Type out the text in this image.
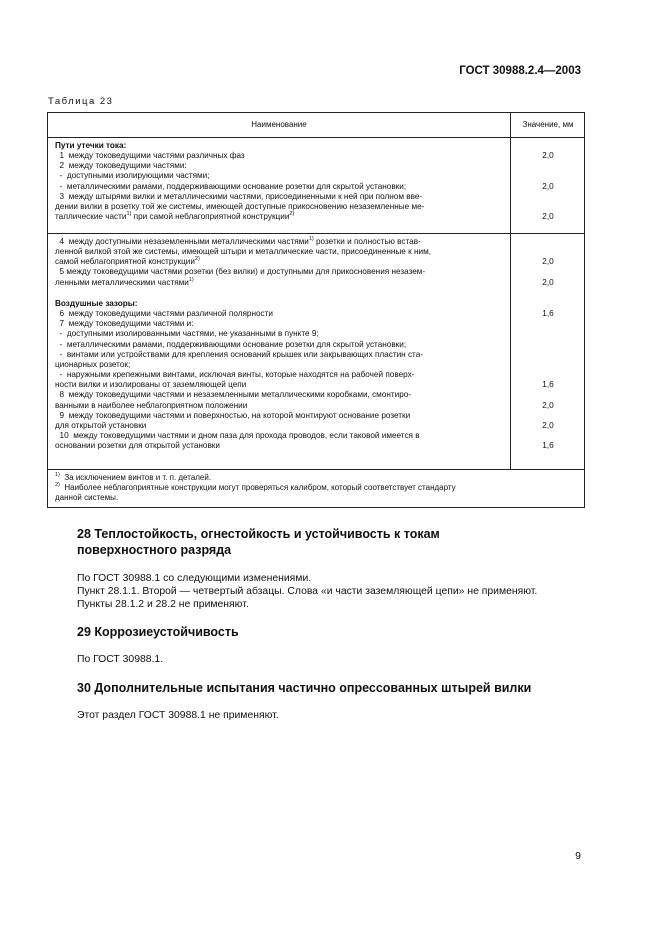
ГОСТ 30988.2.4—2003
Таблица 23
Наименование	Значение, мм
Пути утечки тока:
1  между токоведущими частями различных фаз	2,0
2  между токоведущими частями:
-  доступными изолирующими частями;
-  металлическими рамами, поддерживающими основание розетки для скрытой установки;	2,0
3  между штырями вилки и металлическими частями, присоединенными к ней при полном вве-
дении вилки в розетку той же системы, имеющей доступные прикосновению незаземленные ме-
таллические части$^{1)}$ при самой неблагоприятной конструкции$^{2)}$	2,0
4  между доступными незаземленными металлическими частями$^{1)}$ розетки и полностью встав-
ленной вилкой этой же системы, имеющей штыри и металлические части, присоединенные к ним,
самой неблагоприятной конструкции$^{2)}$	2,0
5 между токоведущими частями розетки (без вилки) и доступными для прикосновения незазем-
ленными металлическими частями$^{1)}$	2,0
Воздушные зазоры:
6  между токоведущими частями различной полярности	1,6
7  между токоведущими частями и:
-  доступными изолированными частями, не указанными в пункте 9;
-  металлическими рамами, поддерживающими основание розетки для скрытой установки;
-  винтами или устройствами для крепления оснований крышек или закрывающих пластин ста-
ционарных розеток;
-  наружными крепежными винтами, исключая винты, которые находятся на рабочей поверх-
ности вилки и изолированы от заземляющей цепи	1,6
8  между токоведущими частями и незаземленными металлическими коробками, смонтиро-
ванными в наиболее неблагоприятном положении	2,0
9  между токоведущими частями и поверхностью, на которой монтируют основание розетки
для открытой установки	2,0
10  между токоведущими частями и дном паза для прохода проводов, если таковой имеется в
основании розетки для открытой установки	1,6
$^{1)}$  За исключением винтов и т. п. деталей.
$^{2)}$  Наиболее неблагоприятные конструкции могут проверяться калибром, который соответствует стандарту
данной системы.
28 Теплостойкость, огнестойкость и устойчивость к токам
поверхностного разряда
По ГОСТ 30988.1 со следующими изменениями.
Пункт 28.1.1. Второй — четвертый абзацы. Слова «и части заземляющей цепи» не применяют.
Пункты 28.1.2 и 28.2 не применяют.
29 Коррозиеустойчивость
По ГОСТ 30988.1.
30 Дополнительные испытания частично опрессованных штырей вилки
Этот раздел ГОСТ 30988.1 не применяют.
9
